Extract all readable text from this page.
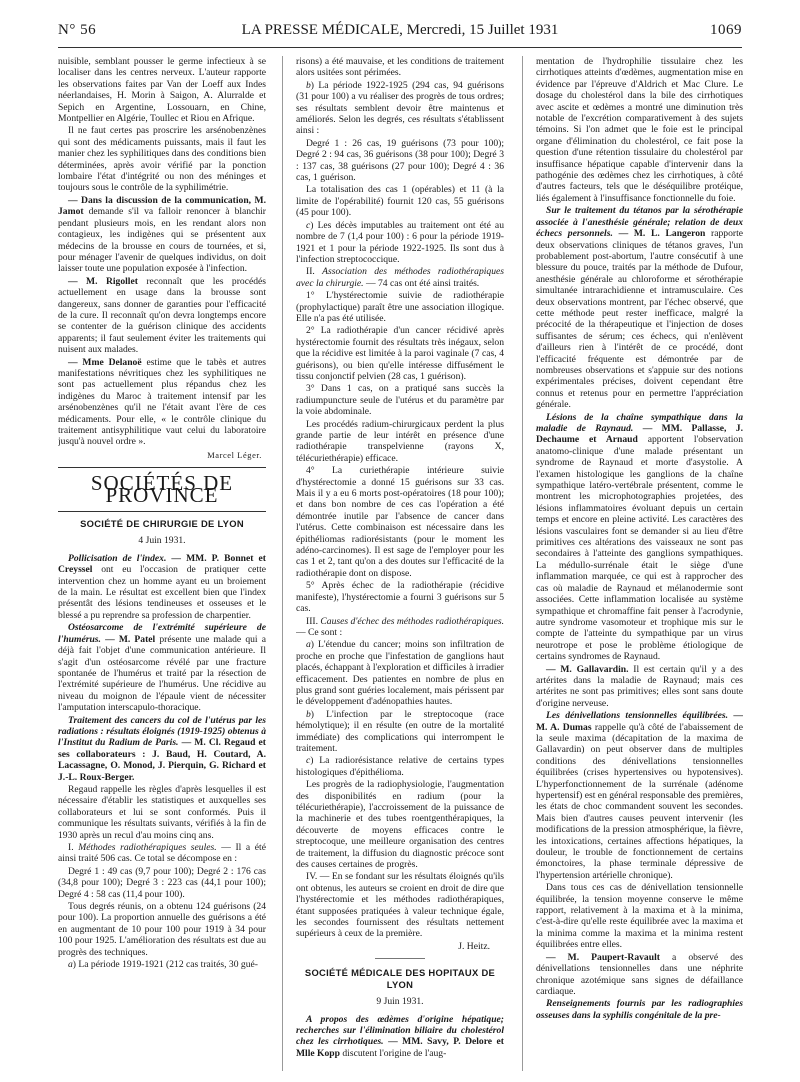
N° 56	LA PRESSE MÉDICALE, Mercredi, 15 Juillet 1931	1069

nuisible, semblant pousser le germe infectieux à se localiser dans les centres nerveux. L'auteur rapporte les observations faites par Van der Loeff aux Indes néerlandaises, H. Morin à Saigon, A. Alurralde et Sepich en Argentine, Lossouarn, en Chine, Montpellier en Algérie, Toullec et Riou en Afrique.

Il ne faut certes pas proscrire les arsénobenzènes qui sont des médicaments puissants, mais il faut les manier chez les syphilitiques dans des conditions bien déterminées, après avoir vérifié par la ponction lombaire l'état d'intégrité ou non des méninges et toujours sous le contrôle de la syphilimétrie.

— Dans la discussion de la communication, M. Jamot demande s'il va falloir renoncer à blanchir pendant plusieurs mois, en les rendant alors non contagieux, les indigènes qui se présentent aux médecins de la brousse en cours de tournées, et si, pour ménager l'avenir de quelques individus, on doit laisser toute une population exposée à l'infection.

— M. Rigollet reconnaît que les procédés actuellement en usage dans la brousse sont dangereux, sans donner de garanties pour l'efficacité de la cure. Il reconnaît qu'on devra longtemps encore se contenter de la guérison clinique des accidents apparents; il faut seulement éviter les traitements qui nuisent aux malades.

— Mme Delanoë estime que le tabès et autres manifestations névritiques chez les syphilitiques ne sont pas actuellement plus répandus chez les indigènes du Maroc à traitement intensif par les arsénobenzènes qu'il ne l'était avant l'ère de ces médicaments. Pour elle, « le contrôle clinique du traitement antisyphilitique vaut celui du laboratoire jusqu'à nouvel ordre ».

Marcel Léger.
SOCIÉTÉS DE PROVINCE
SOCIÉTÉ DE CHIRURGIE DE LYON
4 Juin 1931.

Pollicisation de l'index. — MM. P. Bonnet et Creyssel ont eu l'occasion de pratiquer cette intervention chez un homme ayant eu un broiement de la main. Le résultat est excellent bien que l'index présentât des lésions tendineuses et osseuses et le blessé a pu reprendre sa profession de charpentier.

Ostéosarcome de l'extrémité supérieure de l'humérus. — M. Patel présente une malade qui a déjà fait l'objet d'une communication antérieure. Il s'agit d'un ostéosarcome révélé par une fracture spontanée de l'humérus et traité par la résection de l'extrémité supérieure de l'humérus. Une récidive au niveau du moignon de l'épaule vient de nécessiter l'amputation interscapulo-thoracique.

Traitement des cancers du col de l'utérus par les radiations : résultats éloignés (1919-1925) obtenus à l'Institut du Radium de Paris. — M. Cl. Regaud et ses collaborateurs : J. Baud, H. Coutard, A. Lacassagne, O. Monod, J. Pierquin, G. Richard et J.-L. Roux-Berger.

Regaud rappelle les règles d'après lesquelles il est nécessaire d'établir les statistiques et auxquelles ses collaborateurs et lui se sont conformés. Puis il communique les résultats suivants, vérifiés à la fin de 1930 après un recul d'au moins cinq ans.

I. Méthodes radiothérapiques seules. — Il a été ainsi traité 506 cas. Ce total se décompose en :

Degré 1 : 49 cas (9,7 pour 100); Degré 2 : 176 cas (34,8 pour 100); Degré 3 : 223 cas (44,1 pour 100); Degré 4 : 58 cas (11,4 pour 100).

Tous degrés réunis, on a obtenu 124 guérisons (24 pour 100). La proportion annuelle des guérisons a été en augmentant de 10 pour 100 pour 1919 à 34 pour 100 pour 1925. L'amélioration des résultats est due au progrès des techniques.

a) La période 1919-1921 (212 cas traités, 30 gué-

risons) a été mauvaise, et les conditions de traitement alors usitées sont périmées.

b) La période 1922-1925 (294 cas, 94 guérisons (31 pour 100) a vu réaliser des progrès de tous ordres; ses résultats semblent devoir être maintenus et améliorés. Selon les degrés, ces résultats s'établissent ainsi :

Degré 1 : 26 cas, 19 guérisons (73 pour 100); Degré 2 : 94 cas, 36 guérisons (38 pour 100); Degré 3 : 137 cas, 38 guérisons (27 pour 100); Degré 4 : 36 cas, 1 guérison.

La totalisation des cas 1 (opérables) et 11 (à la limite de l'opérabilité) fournit 120 cas, 55 guérisons (45 pour 100).

c) Les décès imputables au traitement ont été au nombre de 7 (1,4 pour 100) : 6 pour la période 1919-1921 et 1 pour la période 1922-1925. Ils sont dus à l'infection streptococcique.

II. Association des méthodes radiothérapiques avec la chirurgie. — 74 cas ont été ainsi traités.

1° L'hystérectomie suivie de radiothérapie (prophylactique) paraît être une association illogique. Elle n'a pas été utilisée.

2° La radiothérapie d'un cancer récidivé après hystérectomie fournit des résultats très inégaux, selon que la récidive est limitée à la paroi vaginale (7 cas, 4 guérisons), ou bien qu'elle intéresse diffusément le tissu conjonctif pelvien (28 cas, 1 guérison).

3° Dans 1 cas, on a pratiqué sans succès la radiumpuncture seule de l'utérus et du paramètre par la voie abdominale.

Les procédés radium-chirurgicaux perdent la plus grande partie de leur intérêt en présence d'une radiothérapie transpelvienne (rayons X, télécuriethérapie) efficace.

4° La curiethérapie intérieure suivie d'hystérectomie a donné 15 guérisons sur 33 cas. Mais il y a eu 6 morts post-opératoires (18 pour 100); et dans bon nombre de ces cas l'opération a été démontrée inutile par l'absence de cancer dans l'utérus. Cette combinaison est nécessaire dans les épithéliomas radiorésistants (pour le moment les adéno-carcinomes). Il est sage de l'employer pour les cas 1 et 2, tant qu'on a des doutes sur l'efficacité de la radiothérapie dont on dispose.

5° Après échec de la radiothérapie (récidive manifeste), l'hystérectomie a fourni 3 guérisons sur 5 cas.

III. Causes d'échec des méthodes radiothérapiques. — Ce sont :

a) L'étendue du cancer; moins son infiltration de proche en proche que l'infestation de ganglions haut placés, échappant à l'exploration et difficiles à irradier efficacement. Des patientes en nombre de plus en plus grand sont guéries localement, mais périssent par le développement d'adénopathies hautes.

b) L'infection par le streptocoque (race hémolytique); il en résulte (en outre de la mortalité immédiate) des complications qui interrompent le traitement.

c) La radiorésistance relative de certains types histologiques d'épithélioma.

Les progrès de la radiophysiologie, l'augmentation des disponibilités en radium (pour la télécuriethérapie), l'accroissement de la puissance de la machinerie et des tubes roentgenthérapiques, la découverte de moyens efficaces contre le streptocoque, une meilleure organisation des centres de traitement, la diffusion du diagnostic précoce sont des causes certaines de progrès.

IV. — En se fondant sur les résultats éloignés qu'ils ont obtenus, les auteurs se croient en droit de dire que l'hystérectomie et les méthodes radiothérapiques, étant supposées pratiquées à valeur technique égale, les secondes fournissent des résultats nettement supérieurs à ceux de la première.

J. Heitz.
SOCIÉTÉ MÉDICALE DES HOPITAUX DE LYON
9 Juin 1931.

A propos des œdèmes d'origine hépatique; recherches sur l'élimination biliaire du cholestérol chez les cirrhotiques. — MM. Savy, P. Delore et Mlle Kopp discutent l'origine de l'aug-

mentation de l'hydrophilie tissulaire chez les cirrhotiques atteints d'œdèmes, augmentation mise en évidence par l'épreuve d'Aldrich et Mac Clure. Le dosage du cholestérol dans la bile des cirrhotiques avec ascite et œdèmes a montré une diminution très notable de l'excrétion comparativement à des sujets témoins. Si l'on admet que le foie est le principal organe d'élimination du cholestérol, ce fait pose la question d'une rétention tissulaire du cholestérol par insuffisance hépatique capable d'intervenir dans la pathogénie des œdèmes chez les cirrhotiques, à côté d'autres facteurs, tels que le déséquilibre protéique, liés également à l'insuffisance fonctionnelle du foie.

Sur le traitement du tétanos par la sérothérapie associée à l'anesthésie générale; relation de deux échecs personnels. — M. L. Langeron rapporte deux observations cliniques de tétanos graves, l'un probablement post-abortum, l'autre consécutif à une blessure du pouce, traités par la méthode de Dufour, anesthésie générale au chloroforme et sérothérapie simultanée intrarachidienne et intramusculaire. Ces deux observations montrent, par l'échec observé, que cette méthode peut rester inefficace, malgré la précocité de la thérapeutique et l'injection de doses suffisantes de sérum; ces échecs, qui n'enlèvent d'ailleurs rien à l'intérêt de ce procédé, dont l'efficacité fréquente est démontrée par de nombreuses observations et s'appuie sur des notions expérimentales précises, doivent cependant être connus et retenus pour en permettre l'appréciation générale.

Lésions de la chaîne sympathique dans la maladie de Raynaud. — MM. Pallasse, J. Dechaume et Arnaud apportent l'observation anatomo-clinique d'une malade présentant un syndrome de Raynaud et morte d'asystolie. A l'examen histologique les ganglions de la chaîne sympathique latéro-vertébrale présentent, comme le montrent les microphotographies projetées, des lésions inflammatoires évoluant depuis un certain temps et encore en pleine activité. Les caractères des lésions vasculaires font se demander si au lieu d'être primitives ces altérations des vaisseaux ne sont pas secondaires à l'atteinte des ganglions sympathiques. La médullo-surrénale était le siège d'une inflammation marquée, ce qui est à rapprocher des cas où maladie de Raynaud et mélanodermie sont associées. Cette inflammation localisée au système sympathique et chromaffine fait penser à l'acrodynie, autre syndrome vasomoteur et trophique mis sur le compte de l'atteinte du sympathique par un virus neurotrope et pose le problème étiologique de certains syndromes de Raynaud.

— M. Gallavardin. Il est certain qu'il y a des artérites dans la maladie de Raynaud; mais ces artérites ne sont pas primitives; elles sont sans doute d'origine nerveuse.

Les dénivellations tensionnelles équilibrées. — M. A. Dumas rappelle qu'à côté de l'abaissement de la seule maxima (décapitation de la maxima de Gallavardin) on peut observer dans de multiples conditions des dénivellations tensionnelles équilibrées (crises hypertensives ou hypotensives). L'hyperfonctionnement de la surrénale (adénome hypertensif) est en général responsable des premières, les états de choc commandent souvent les secondes. Mais bien d'autres causes peuvent intervenir (les modifications de la pression atmosphérique, la fièvre, les intoxications, certaines affections hépatiques, la douleur, le trouble de fonctionnement de certains émonctoires, la phase terminale dépressive de l'hypertension artérielle chronique).

Dans tous ces cas de dénivellation tensionnelle équilibrée, la tension moyenne conserve le même rapport, relativement à la maxima et à la minima, c'est-à-dire qu'elle reste équilibrée avec la maxima et la minima comme la maxima et la minima restent équilibrées entre elles.

— M. Paupert-Ravault a observé des dénivellations tensionnelles dans une néphrite chronique azotémique sans signes de défaillance cardiaque.

Renseignements fournis par les radiographies osseuses dans la syphilis congénitale de la pre-
